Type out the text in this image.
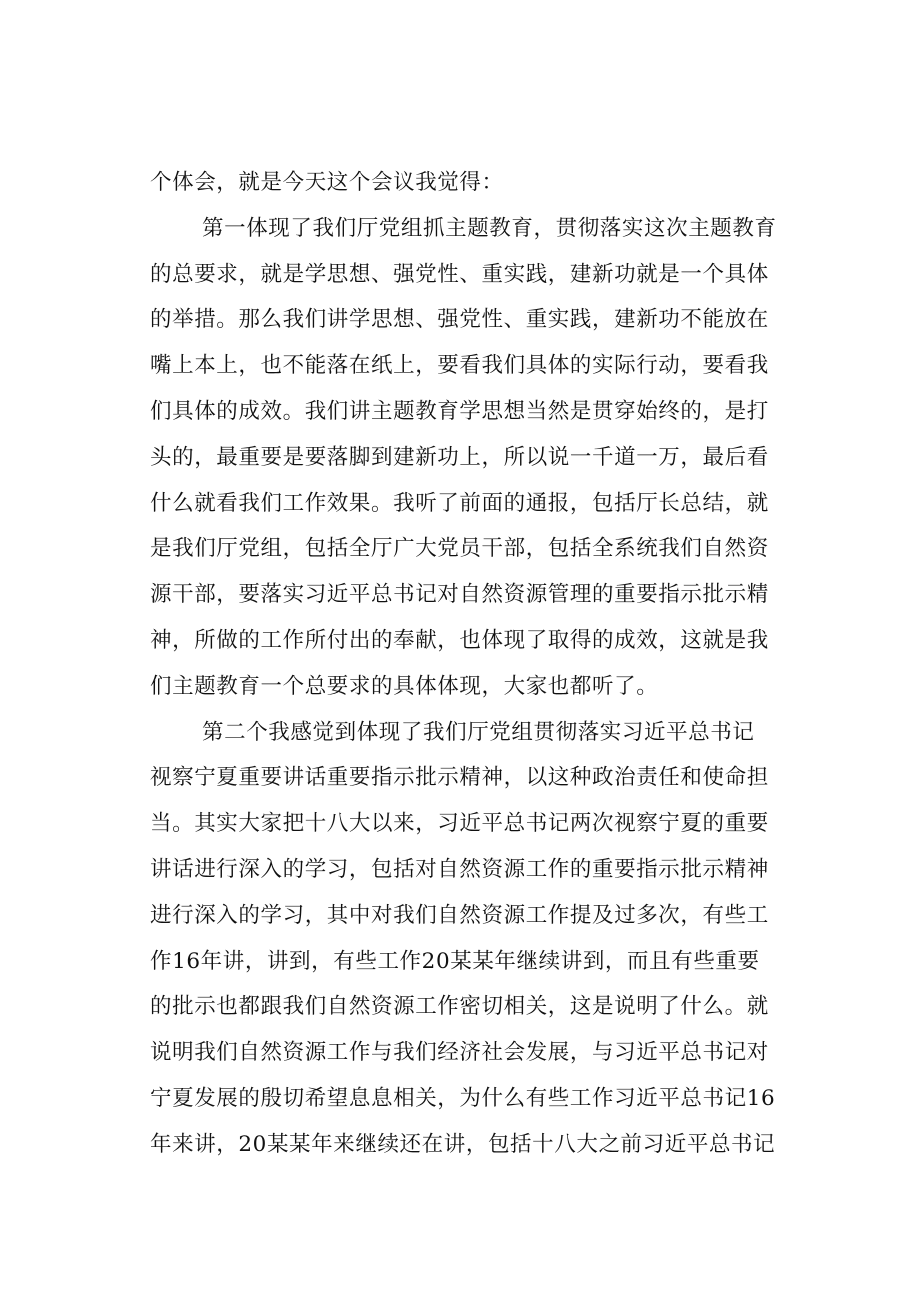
个体会，就是今天这个会议我觉得：
第一体现了我们厅党组抓主题教育，贯彻落实这次主题教育
的总要求，就是学思想、强党性、重实践，建新功就是一个具体
的举措。那么我们讲学思想、强党性、重实践，建新功不能放在
嘴上本上，也不能落在纸上，要看我们具体的实际行动，要看我
们具体的成效。我们讲主题教育学思想当然是贯穿始终的，是打
头的，最重要是要落脚到建新功上，所以说一千道一万，最后看
什么就看我们工作效果。我听了前面的通报，包括厅长总结，就
是我们厅党组，包括全厅广大党员干部，包括全系统我们自然资
源干部，要落实习近平总书记对自然资源管理的重要指示批示精
神，所做的工作所付出的奉献，也体现了取得的成效，这就是我
们主题教育一个总要求的具体体现，大家也都听了。
第二个我感觉到体现了我们厅党组贯彻落实习近平总书记
视察宁夏重要讲话重要指示批示精神，以这种政治责任和使命担
当。其实大家把十八大以来，习近平总书记两次视察宁夏的重要
讲话进行深入的学习，包括对自然资源工作的重要指示批示精神
进行深入的学习，其中对我们自然资源工作提及过多次，有些工
作16年讲，讲到，有些工作20某某年继续讲到，而且有些重要
的批示也都跟我们自然资源工作密切相关，这是说明了什么。就
说明我们自然资源工作与我们经济社会发展，与习近平总书记对
宁夏发展的殷切希望息息相关，为什么有些工作习近平总书记16
年来讲，20某某年来继续还在讲，包括十八大之前习近平总书记
